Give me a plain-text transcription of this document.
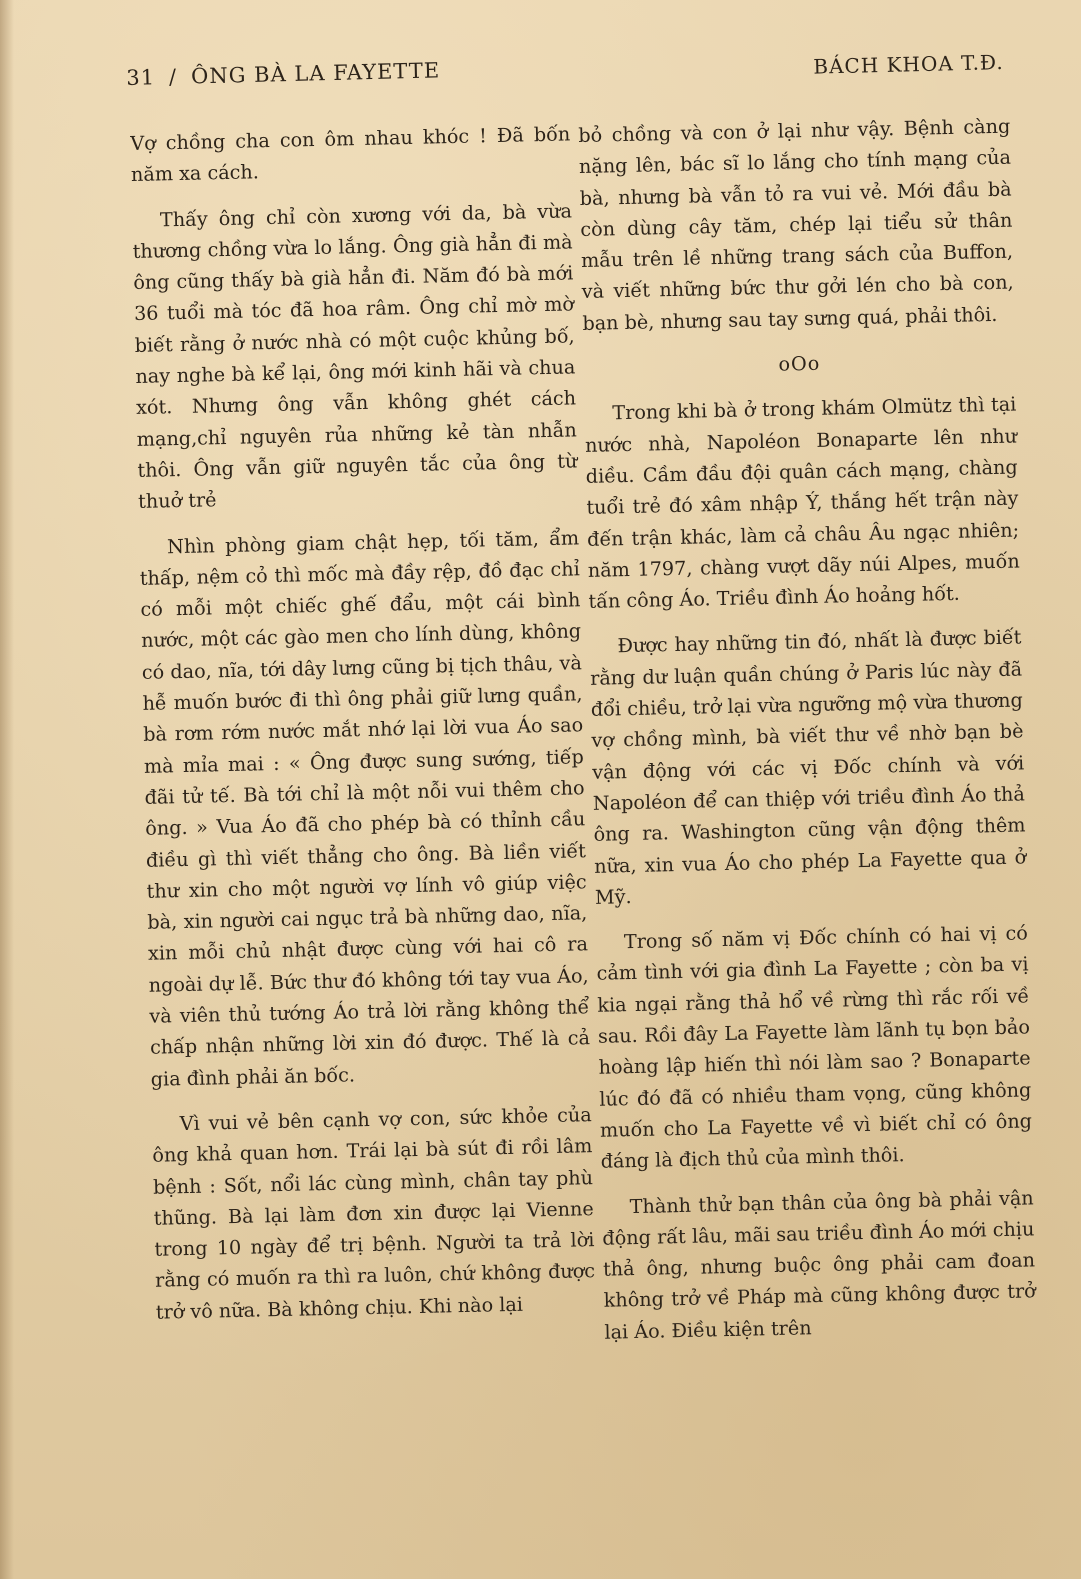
31 / ÔNG BÀ LA FAYETTE	BÁCH KHOA T.Đ.

Vợ chồng cha con ôm nhau khóc ! Đã bốn năm xa cách.

Thấy ông chỉ còn xương với da, bà vừa thương chồng vừa lo lắng. Ông già hẳn đi mà ông cũng thấy bà già hẳn đi. Năm đó bà mới 36 tuổi mà tóc đã hoa râm. Ông chỉ mờ mờ biết rằng ở nước nhà có một cuộc khủng bố, nay nghe bà kể lại, ông mới kinh hãi và chua xót. Nhưng ông vẫn không ghét cách mạng,chỉ nguyên rủa những kẻ tàn nhẫn thôi. Ông vẫn giữ nguyên tắc của ông từ thuở trẻ

Nhìn phòng giam chật hẹp, tối tăm, ẩm thấp, nệm cỏ thì mốc mà đầy rệp, đồ đạc chỉ có mỗi một chiếc ghế đẩu, một cái bình nước, một các gào men cho lính dùng, không có dao, nĩa, tới dây lưng cũng bị tịch thâu, và hễ muốn bước đi thì ông phải giữ lưng quần, bà rơm rớm nước mắt nhớ lại lời vua Áo sao mà mỉa mai : « Ông được sung sướng, tiếp đãi tử tế. Bà tới chỉ là một nỗi vui thêm cho ông. » Vua Áo đã cho phép bà có thỉnh cầu điều gì thì viết thẳng cho ông. Bà liền viết thư xin cho một người vợ lính vô giúp việc bà, xin người cai ngục trả bà những dao, nĩa, xin mỗi chủ nhật được cùng với hai cô ra ngoài dự lễ. Bức thư đó không tới tay vua Áo, và viên thủ tướng Áo trả lời rằng không thể chấp nhận những lời xin đó được. Thế là cả gia đình phải ăn bốc.

Vì vui vẻ bên cạnh vợ con, sức khỏe của ông khả quan hơn. Trái lại bà sút đi rồi lâm bệnh : Sốt, nổi lác cùng mình, chân tay phù thũng. Bà lại làm đơn xin được lại Vienne trong 10 ngày để trị bệnh. Người ta trả lời rằng có muốn ra thì ra luôn, chứ không được trở vô nữa. Bà không chịu. Khi nào lại

bỏ chồng và con ở lại như vậy. Bệnh càng nặng lên, bác sĩ lo lắng cho tính mạng của bà, nhưng bà vẫn tỏ ra vui vẻ. Mới đầu bà còn dùng cây tăm, chép lại tiểu sử thân mẫu trên lề những trang sách của Buffon, và viết những bức thư gởi lén cho bà con, bạn bè, nhưng sau tay sưng quá, phải thôi.

oOo

Trong khi bà ở trong khám Olmütz thì tại nước nhà, Napoléon Bonaparte lên như diều. Cầm đầu đội quân cách mạng, chàng tuổi trẻ đó xâm nhập Ý, thắng hết trận này đến trận khác, làm cả châu Âu ngạc nhiên; năm 1797, chàng vượt dãy núi Alpes, muốn tấn công Áo. Triều đình Áo hoảng hốt.

Được hay những tin đó, nhất là được biết rằng dư luận quần chúng ở Paris lúc này đã đổi chiều, trở lại vừa ngưỡng mộ vừa thương vợ chồng mình, bà viết thư về nhờ bạn bè vận động với các vị Đốc chính và với Napoléon để can thiệp với triều đình Áo thả ông ra. Washington cũng vận động thêm nữa, xin vua Áo cho phép La Fayette qua ở Mỹ.

Trong số năm vị Đốc chính có hai vị có cảm tình với gia đình La Fayette ; còn ba vị kia ngại rằng thả hổ về rừng thì rắc rối về sau. Rồi đây La Fayette làm lãnh tụ bọn bảo hoàng lập hiến thì nói làm sao ? Bonaparte lúc đó đã có nhiều tham vọng, cũng không muốn cho La Fayette về vì biết chỉ có ông đáng là địch thủ của mình thôi.

Thành thử bạn thân của ông bà phải vận động rất lâu, mãi sau triều đình Áo mới chịu thả ông, nhưng buộc ông phải cam đoan không trở về Pháp mà cũng không được trở lại Áo. Điều kiện trên
